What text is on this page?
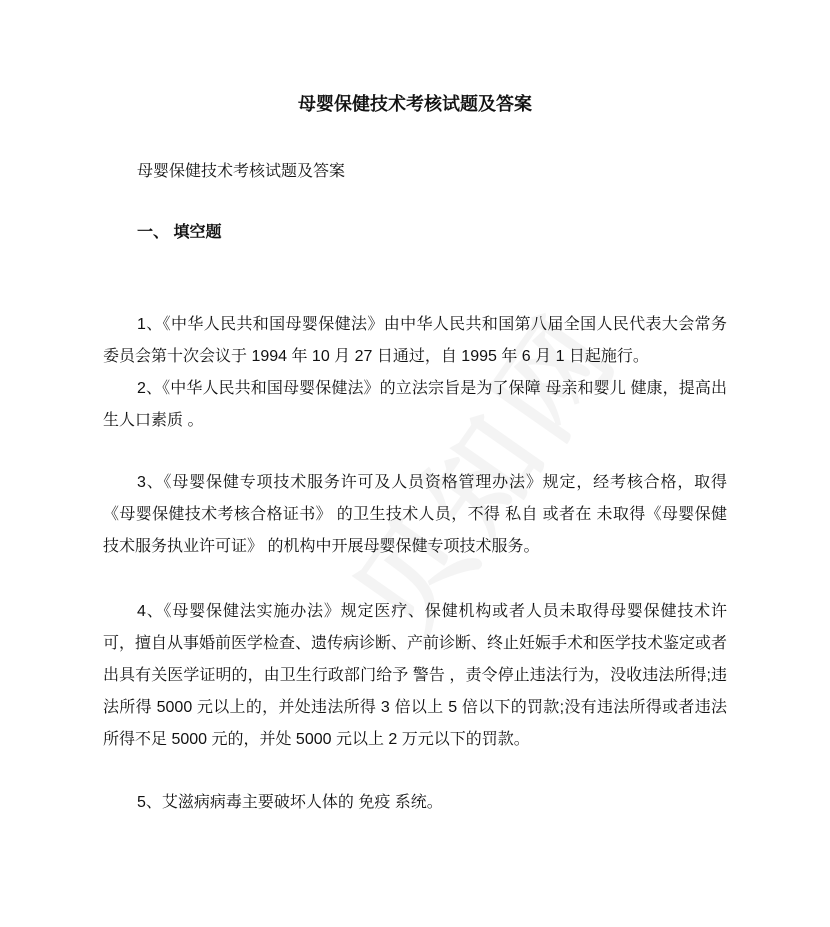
母婴保健技术考核试题及答案
母婴保健技术考核试题及答案
一、 填空题
1、《中华人民共和国母婴保健法》由中华人民共和国第八届全国人民代表大会常务委员会第十次会议于 1994 年 10 月 27 日通过，自 1995 年 6 月 1 日起施行。
2、《中华人民共和国母婴保健法》的立法宗旨是为了保障 母亲和婴儿 健康，提高出生人口素质 。
3、《母婴保健专项技术服务许可及人员资格管理办法》规定，经考核合格，取得《母婴保健技术考核合格证书》 的卫生技术人员，不得 私自 或者在 未取得《母婴保健技术服务执业许可证》 的机构中开展母婴保健专项技术服务。
4、《母婴保健法实施办法》规定医疗、保健机构或者人员未取得母婴保健技术许可，擅自从事婚前医学检查、遗传病诊断、产前诊断、终止妊娠手术和医学技术鉴定或者出具有关医学证明的，由卫生行政部门给予 警告 ，责令停止违法行为，没收违法所得;违法所得 5000 元以上的，并处违法所得 3 倍以上 5 倍以下的罚款;没有违法所得或者违法所得不足 5000 元的，并处 5000 元以上 2 万元以下的罚款。
5、艾滋病病毒主要破坏人体的 免疫 系统。
